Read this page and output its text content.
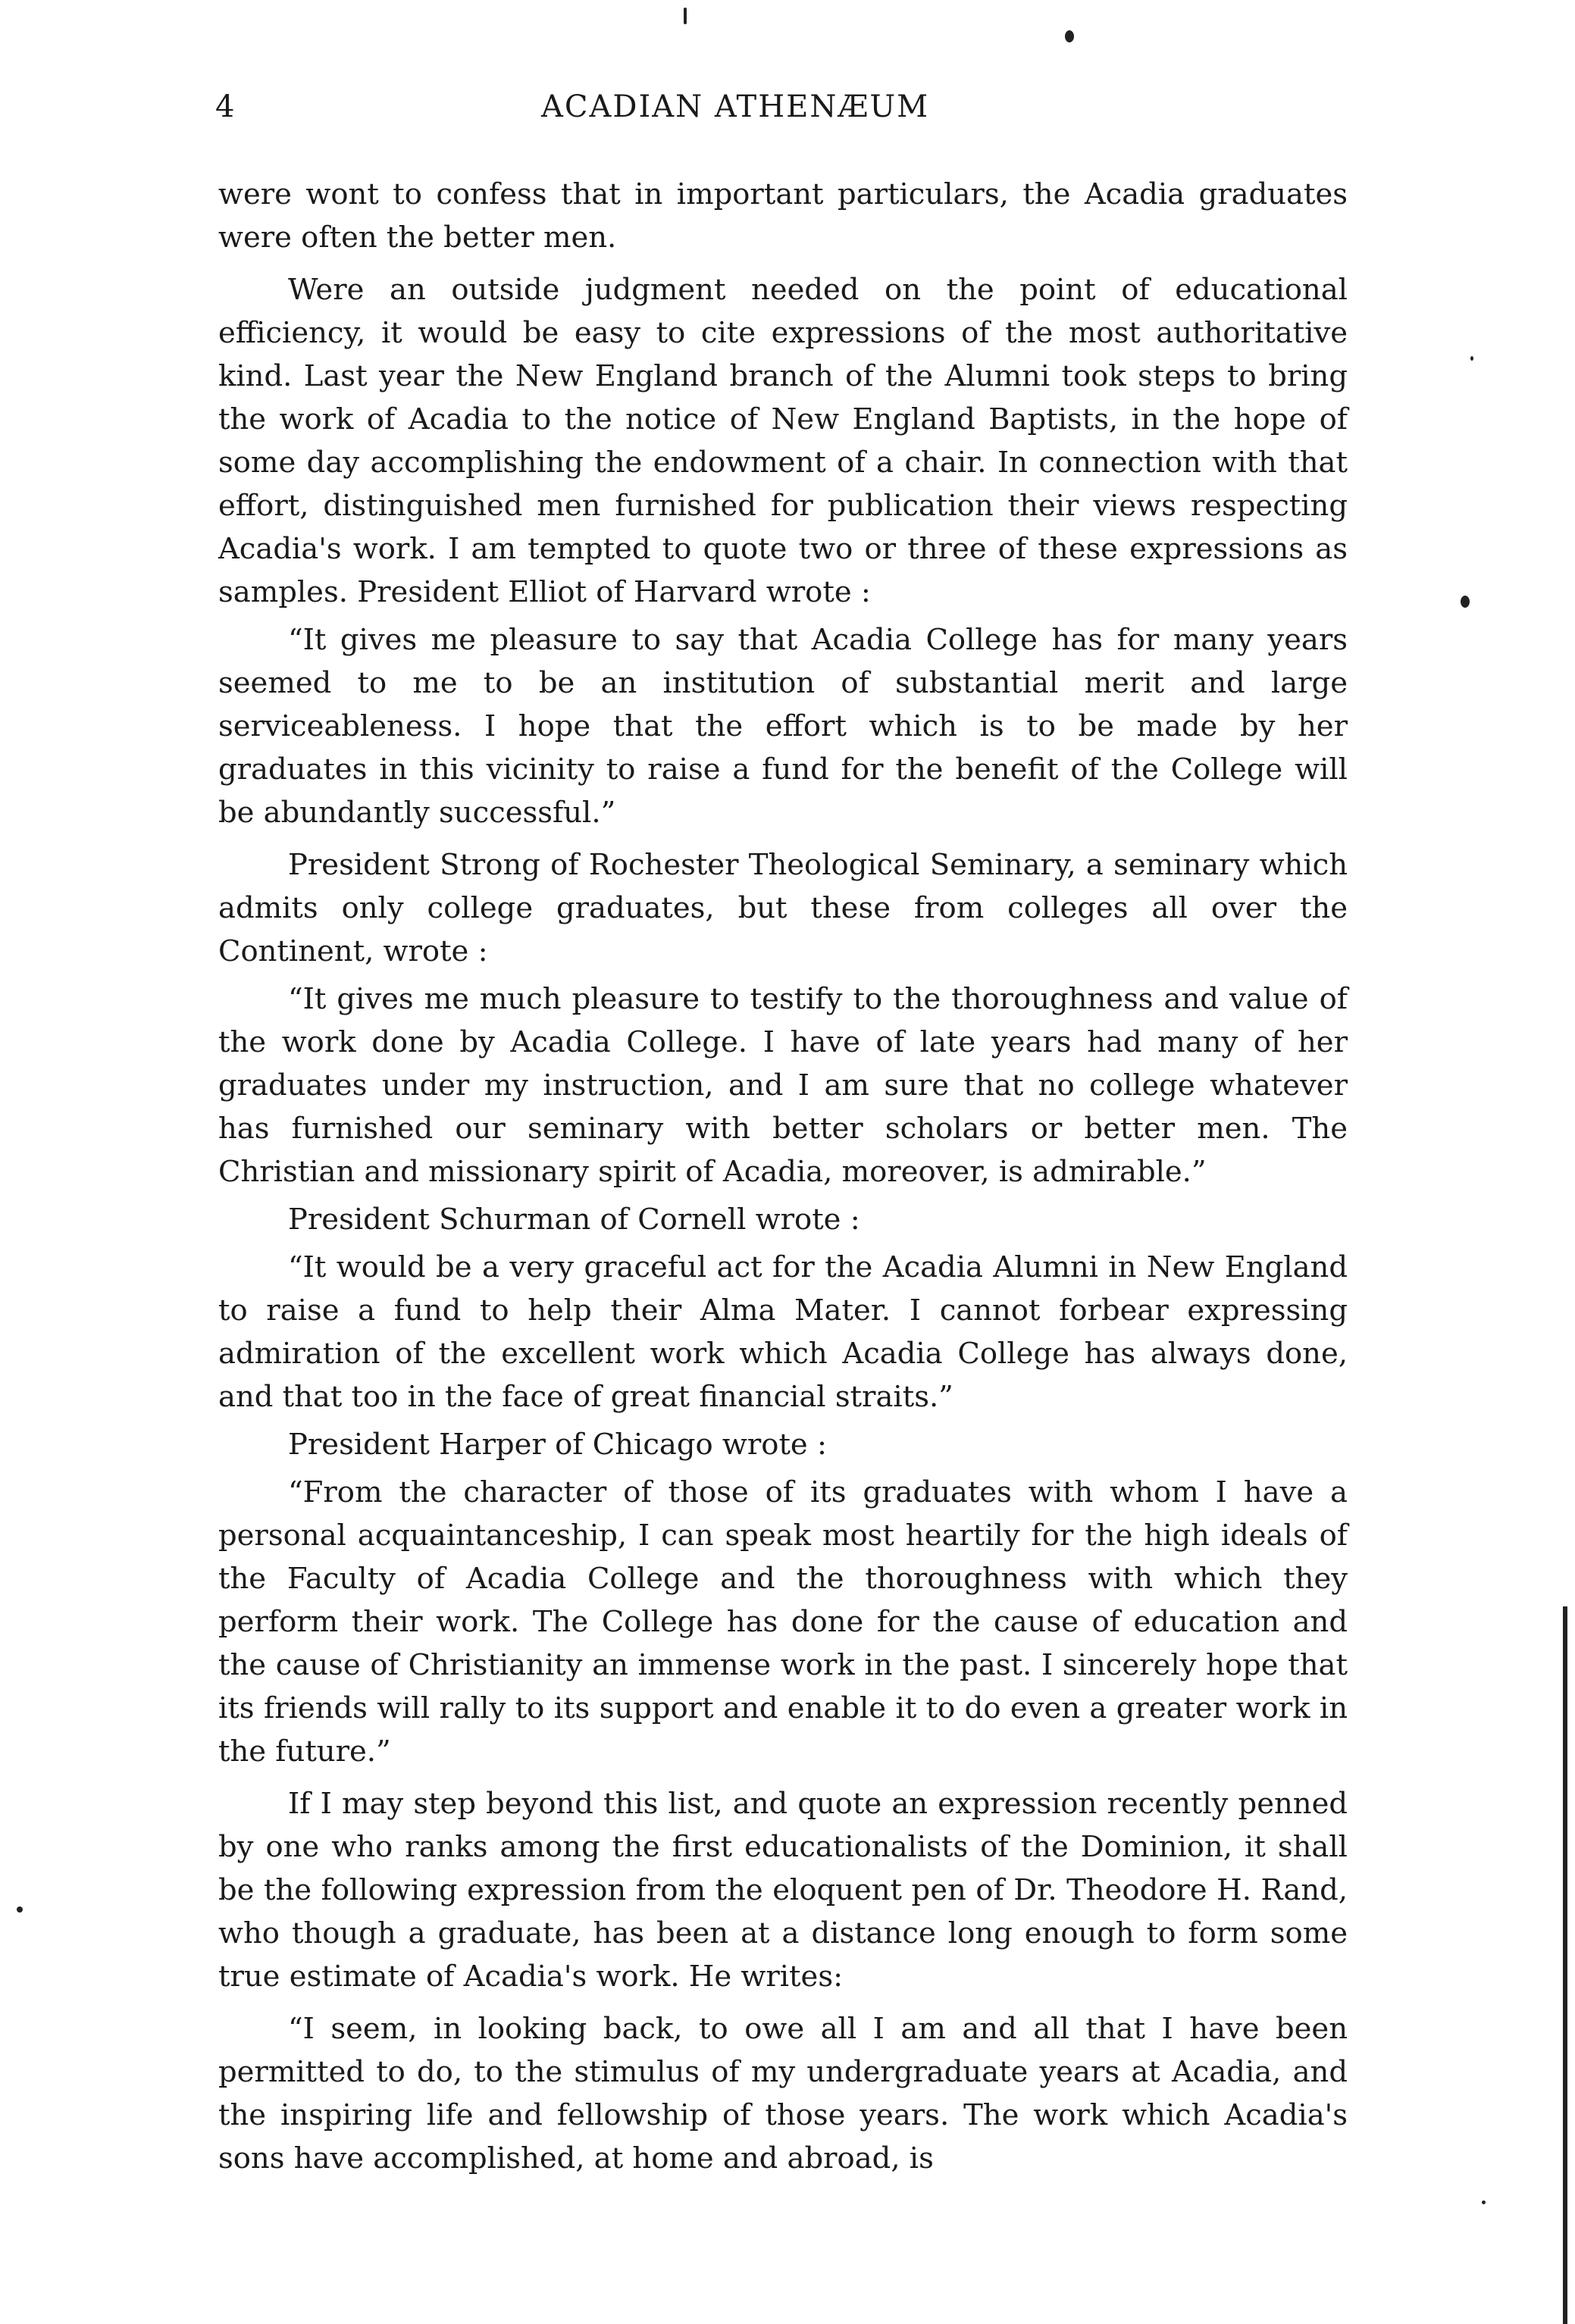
4	ACADIAN ATHENÆUM

were wont to confess that in important particulars, the Acadia graduates were often the better men.

Were an outside judgment needed on the point of educational efficiency, it would be easy to cite expressions of the most authoritative kind. Last year the New England branch of the Alumni took steps to bring the work of Acadia to the notice of New England Baptists, in the hope of some day accomplishing the endowment of a chair. In connection with that effort, distinguished men furnished for publication their views respecting Acadia's work. I am tempted to quote two or three of these expressions as samples. President Elliot of Harvard wrote :

“It gives me pleasure to say that Acadia College has for many years seemed to me to be an institution of substantial merit and large serviceableness. I hope that the effort which is to be made by her graduates in this vicinity to raise a fund for the benefit of the College will be abundantly successful.”

President Strong of Rochester Theological Seminary, a seminary which admits only college graduates, but these from colleges all over the Continent, wrote :

“It gives me much pleasure to testify to the thoroughness and value of the work done by Acadia College. I have of late years had many of her graduates under my instruction, and I am sure that no college whatever has furnished our seminary with better scholars or better men. The Christian and missionary spirit of Acadia, moreover, is admirable.”

President Schurman of Cornell wrote :

“It would be a very graceful act for the Acadia Alumni in New England to raise a fund to help their Alma Mater. I cannot forbear expressing admiration of the excellent work which Acadia College has always done, and that too in the face of great financial straits.”

President Harper of Chicago wrote :

“From the character of those of its graduates with whom I have a personal acquaintanceship, I can speak most heartily for the high ideals of the Faculty of Acadia College and the thoroughness with which they perform their work. The College has done for the cause of education and the cause of Christianity an immense work in the past. I sincerely hope that its friends will rally to its support and enable it to do even a greater work in the future.”

If I may step beyond this list, and quote an expression recently penned by one who ranks among the first educationalists of the Dominion, it shall be the following expression from the eloquent pen of Dr. Theodore H. Rand, who though a graduate, has been at a distance long enough to form some true estimate of Acadia's work. He writes:

“I seem, in looking back, to owe all I am and all that I have been permitted to do, to the stimulus of my undergraduate years at Acadia, and the inspiring life and fellowship of those years. The work which Acadia's sons have accomplished, at home and abroad, is
